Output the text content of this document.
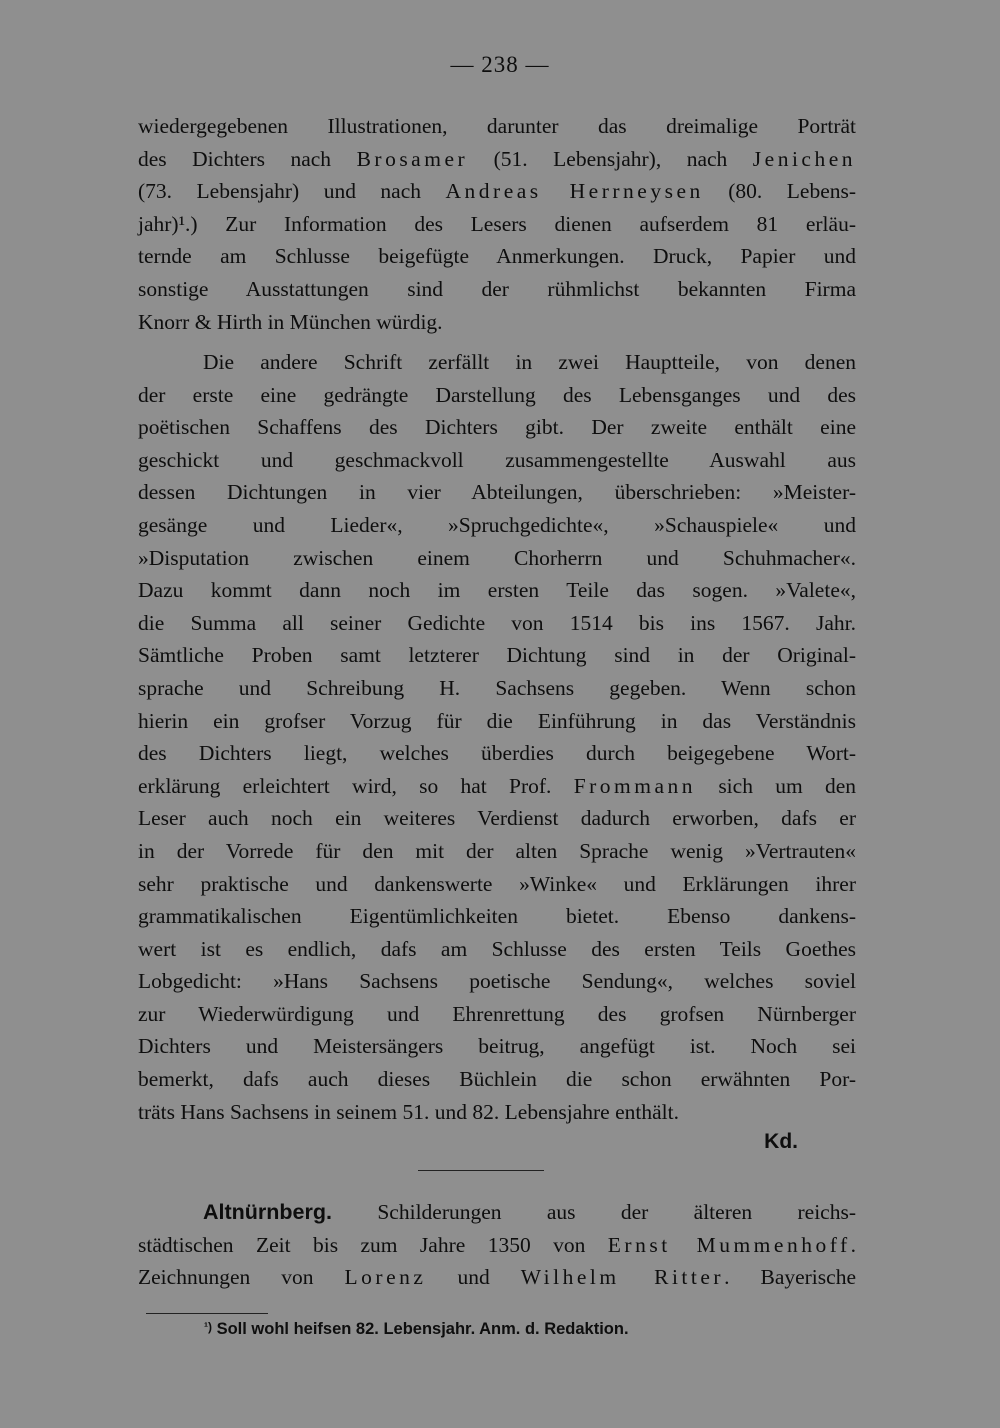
— 238 —
wiedergegebenen Illustrationen, darunter das dreimalige Porträt
des Dichters nach Brosamer (51. Lebensjahr), nach Jenichen
(73. Lebensjahr) und nach Andreas Herrneysen (80. Lebens-
jahr)¹.) Zur Information des Lesers dienen aufserdem 81 erläu-
ternde am Schlusse beigefügte Anmerkungen. Druck, Papier und
sonstige Ausstattungen sind der rühmlichst bekannten Firma
Knorr & Hirth in München würdig.
Die andere Schrift zerfällt in zwei Hauptteile, von denen
der erste eine gedrängte Darstellung des Lebensganges und des
poëtischen Schaffens des Dichters gibt. Der zweite enthält eine
geschickt und geschmackvoll zusammengestellte Auswahl aus
dessen Dichtungen in vier Abteilungen, überschrieben: »Meister-
gesänge und Lieder«, »Spruchgedichte«, »Schauspiele« und
»Disputation zwischen einem Chorherrn und Schuhmacher«.
Dazu kommt dann noch im ersten Teile das sogen. »Valete«,
die Summa all seiner Gedichte von 1514 bis ins 1567. Jahr.
Sämtliche Proben samt letzterer Dichtung sind in der Original-
sprache und Schreibung H. Sachsens gegeben. Wenn schon
hierin ein grofser Vorzug für die Einführung in das Verständnis
des Dichters liegt, welches überdies durch beigegebene Wort-
erklärung erleichtert wird, so hat Prof. Frommann sich um den
Leser auch noch ein weiteres Verdienst dadurch erworben, dafs er
in der Vorrede für den mit der alten Sprache wenig »Vertrauten«
sehr praktische und dankenswerte »Winke« und Erklärungen ihrer
grammatikalischen Eigentümlichkeiten bietet. Ebenso dankens-
wert ist es endlich, dafs am Schlusse des ersten Teils Goethes
Lobgedicht: »Hans Sachsens poetische Sendung«, welches soviel
zur Wiederwürdigung und Ehrenrettung des grofsen Nürnberger
Dichters und Meistersängers beitrug, angefügt ist. Noch sei
bemerkt, dafs auch dieses Büchlein die schon erwähnten Por-
träts Hans Sachsens in seinem 51. und 82. Lebensjahre enthält.
Kd.
Altnürnberg. Schilderungen aus der älteren reichs-
städtischen Zeit bis zum Jahre 1350 von Ernst Mummenhoff.
Zeichnungen von Lorenz und Wilhelm Ritter. Bayerische
$^{^1)}$ Soll wohl heifsen 82. Lebensjahr. Anm. d. Redaktion.
